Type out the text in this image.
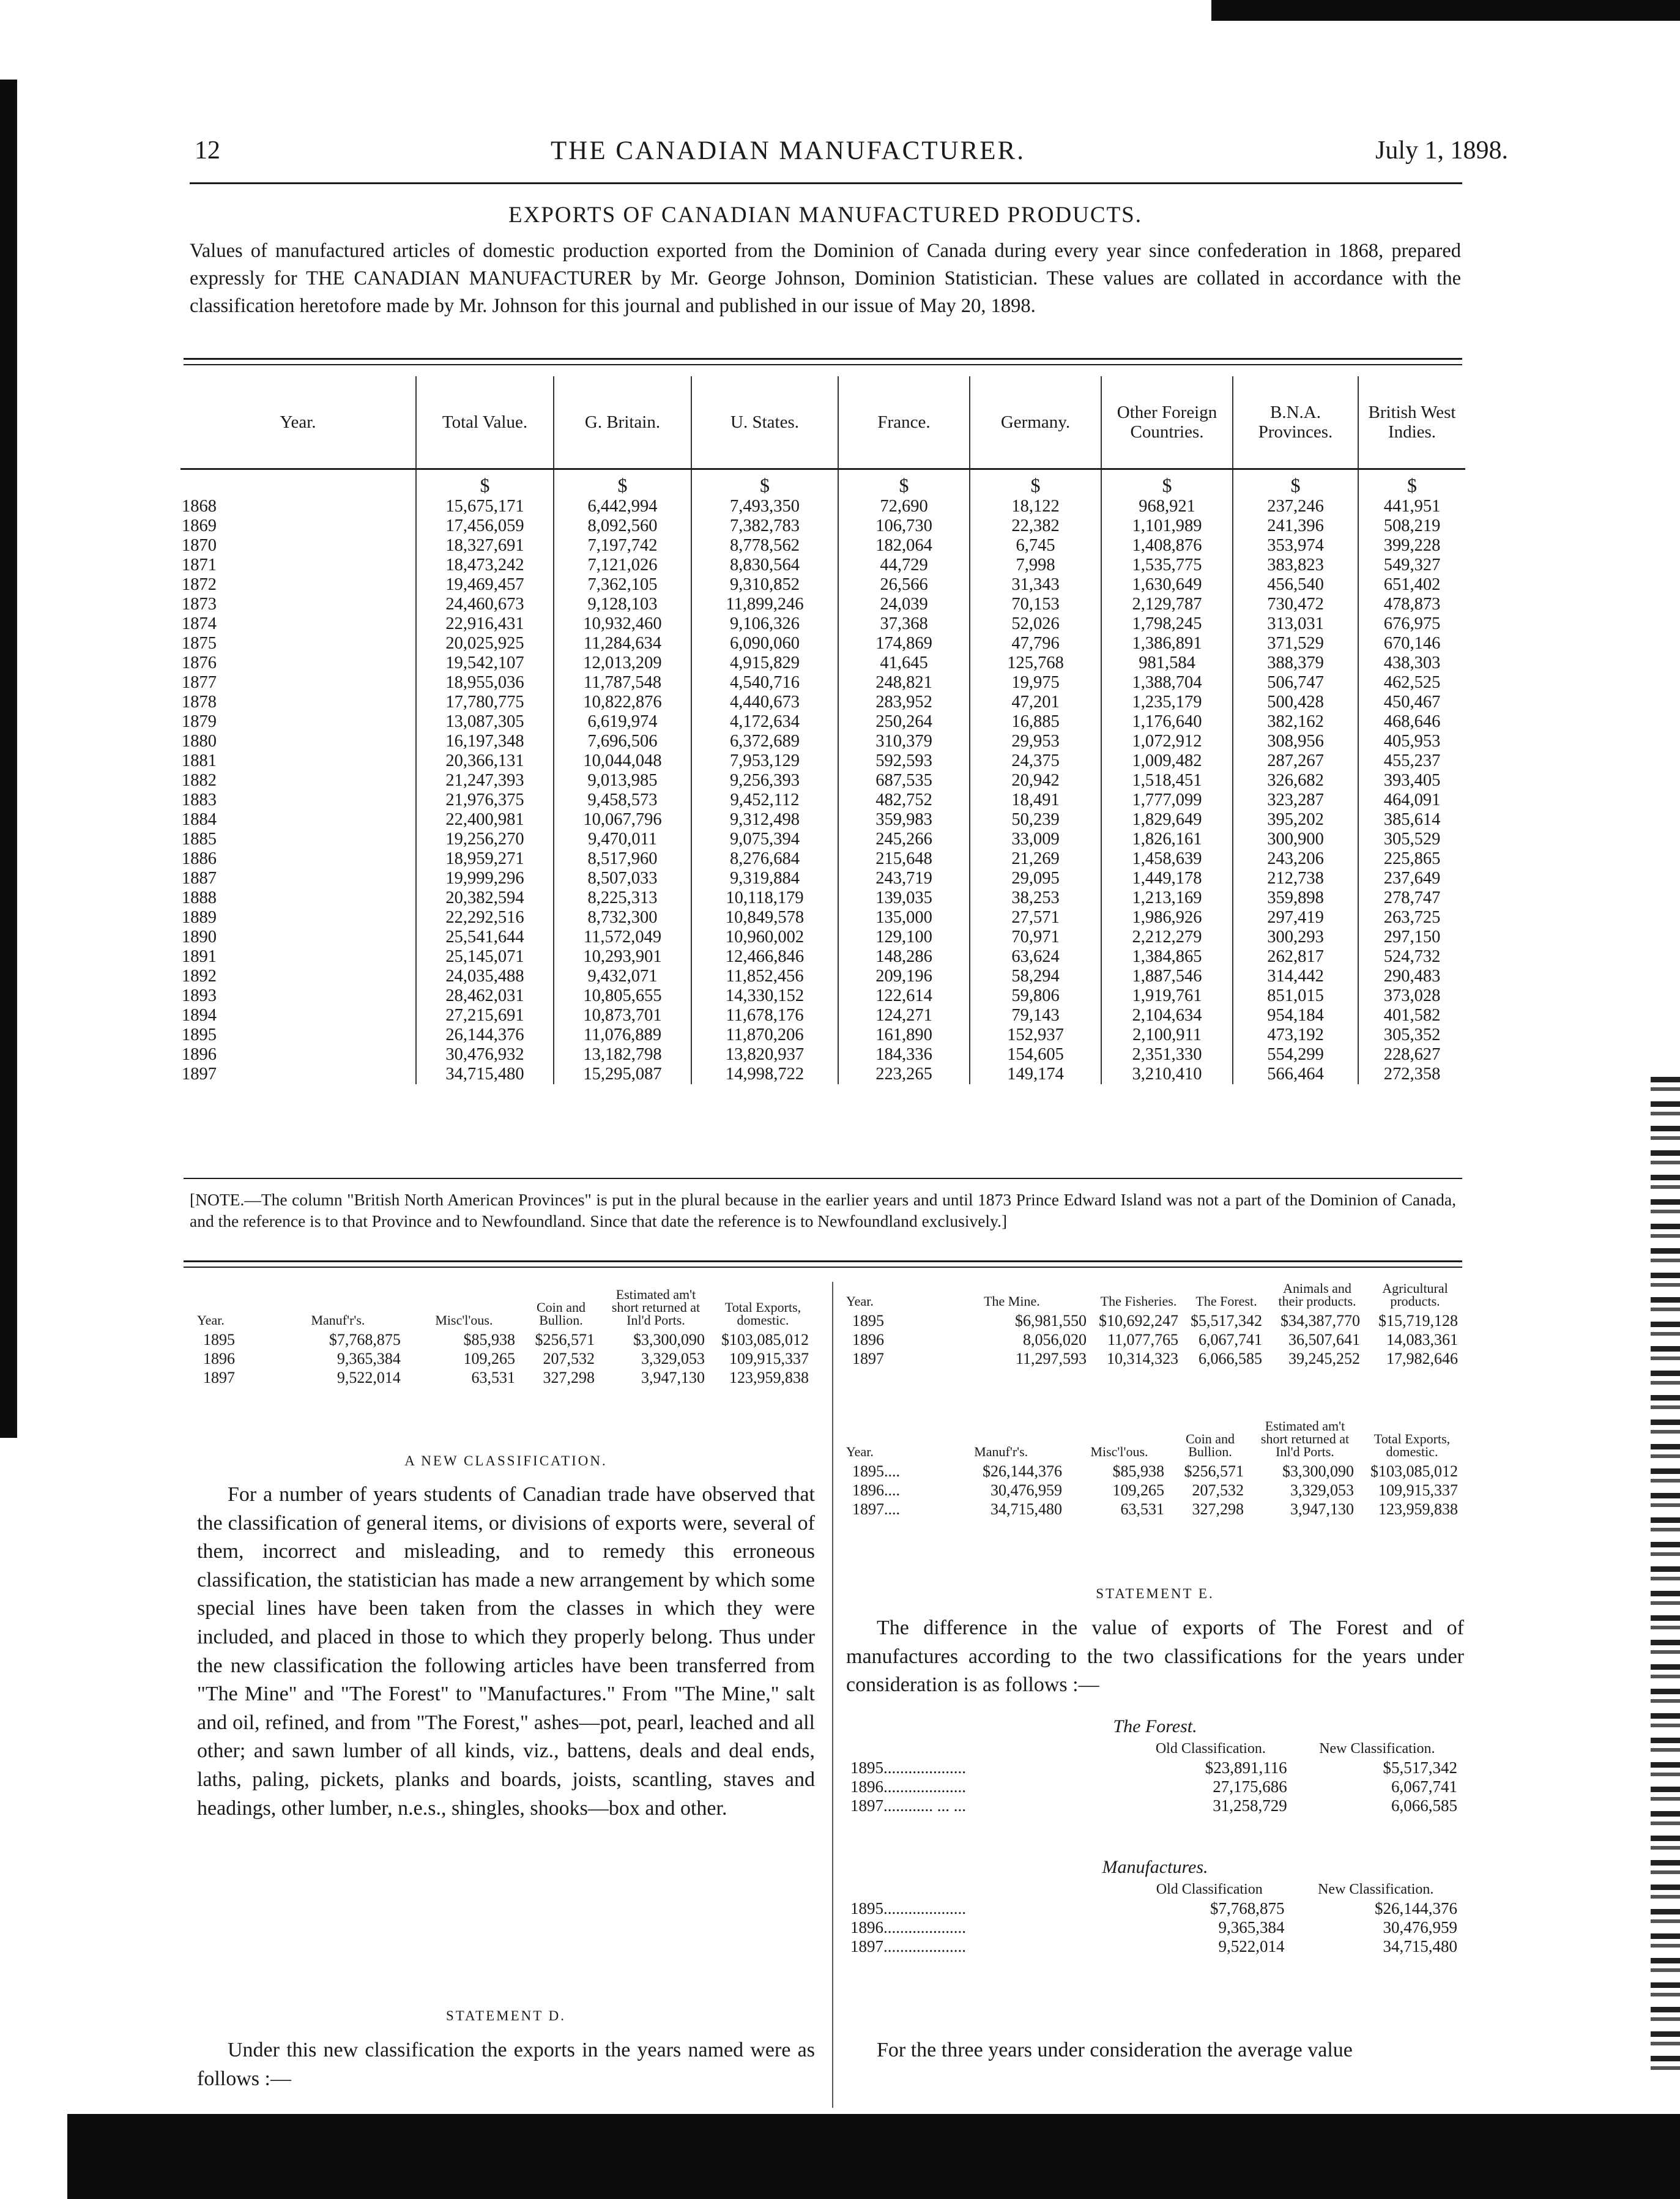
12	THE CANADIAN MANUFACTURER.	July 1, 1898.
EXPORTS OF CANADIAN MANUFACTURED PRODUCTS.
Values of manufactured articles of domestic production exported from the Dominion of Canada during every year since confederation in 1868, prepared expressly for THE CANADIAN MANUFACTURER by Mr. George Johnson, Dominion Statistician. These values are collated in accordance with the classification heretofore made by Mr. Johnson for this journal and published in our issue of May 20, 1898.
Year.	Total Value.	G. Britain.	U. States.	France.	Germany.	Other Foreign Countries.	B.N.A. Provinces.	British West Indies.
	$	$	$	$	$	$	$	$
1868	15,675,171	6,442,994	7,493,350	72,690	18,122	968,921	237,246	441,951
1869	17,456,059	8,092,560	7,382,783	106,730	22,382	1,101,989	241,396	508,219
1870	18,327,691	7,197,742	8,778,562	182,064	6,745	1,408,876	353,974	399,228
1871	18,473,242	7,121,026	8,830,564	44,729	7,998	1,535,775	383,823	549,327
1872	19,469,457	7,362,105	9,310,852	26,566	31,343	1,630,649	456,540	651,402
1873	24,460,673	9,128,103	11,899,246	24,039	70,153	2,129,787	730,472	478,873
1874	22,916,431	10,932,460	9,106,326	37,368	52,026	1,798,245	313,031	676,975
1875	20,025,925	11,284,634	6,090,060	174,869	47,796	1,386,891	371,529	670,146
1876	19,542,107	12,013,209	4,915,829	41,645	125,768	981,584	388,379	438,303
1877	18,955,036	11,787,548	4,540,716	248,821	19,975	1,388,704	506,747	462,525
1878	17,780,775	10,822,876	4,440,673	283,952	47,201	1,235,179	500,428	450,467
1879	13,087,305	6,619,974	4,172,634	250,264	16,885	1,176,640	382,162	468,646
1880	16,197,348	7,696,506	6,372,689	310,379	29,953	1,072,912	308,956	405,953
1881	20,366,131	10,044,048	7,953,129	592,593	24,375	1,009,482	287,267	455,237
1882	21,247,393	9,013,985	9,256,393	687,535	20,942	1,518,451	326,682	393,405
1883	21,976,375	9,458,573	9,452,112	482,752	18,491	1,777,099	323,287	464,091
1884	22,400,981	10,067,796	9,312,498	359,983	50,239	1,829,649	395,202	385,614
1885	19,256,270	9,470,011	9,075,394	245,266	33,009	1,826,161	300,900	305,529
1886	18,959,271	8,517,960	8,276,684	215,648	21,269	1,458,639	243,206	225,865
1887	19,999,296	8,507,033	9,319,884	243,719	29,095	1,449,178	212,738	237,649
1888	20,382,594	8,225,313	10,118,179	139,035	38,253	1,213,169	359,898	278,747
1889	22,292,516	8,732,300	10,849,578	135,000	27,571	1,986,926	297,419	263,725
1890	25,541,644	11,572,049	10,960,002	129,100	70,971	2,212,279	300,293	297,150
1891	25,145,071	10,293,901	12,466,846	148,286	63,624	1,384,865	262,817	524,732
1892	24,035,488	9,432,071	11,852,456	209,196	58,294	1,887,546	314,442	290,483
1893	28,462,031	10,805,655	14,330,152	122,614	59,806	1,919,761	851,015	373,028
1894	27,215,691	10,873,701	11,678,176	124,271	79,143	2,104,634	954,184	401,582
1895	26,144,376	11,076,889	11,870,206	161,890	152,937	2,100,911	473,192	305,352
1896	30,476,932	13,182,798	13,820,937	184,336	154,605	2,351,330	554,299	228,627
1897	34,715,480	15,295,087	14,998,722	223,265	149,174	3,210,410	566,464	272,358
[NOTE.—The column "British North American Provinces" is put in the plural because in the earlier years and until 1873 Prince Edward Island was not a part of the Dominion of Canada, and the reference is to that Province and to Newfoundland. Since that date the reference is to Newfoundland exclusively.]
Year.	Manuf'r's.	Misc'l'ous.	Coin and Bullion.	Estimated am't short returned at Inl'd Ports.	Total Exports, domestic.
1895	$7,768,875	$85,938	$256,571	$3,300,090	$103,085,012
1896	9,365,384	109,265	207,532	3,329,053	109,915,337
1897	9,522,014	63,531	327,298	3,947,130	123,959,838
A NEW CLASSIFICATION.
For a number of years students of Canadian trade have observed that the classification of general items, or divisions of exports were, several of them, incorrect and misleading, and to remedy this erroneous classification, the statistician has made a new arrangement by which some special lines have been taken from the classes in which they were included, and placed in those to which they properly belong. Thus under the new classification the following articles have been transferred from "The Mine" and "The Forest" to "Manufactures." From "The Mine," salt and oil, refined, and from "The Forest," ashes—pot, pearl, leached and all other; and sawn lumber of all kinds, viz., battens, deals and deal ends, laths, paling, pickets, planks and boards, joists, scantling, staves and headings, other lumber, n.e.s., shingles, shooks—box and other.
STATEMENT D.
Under this new classification the exports in the years named were as follows :—
Year.	The Mine.	The Fisheries.	The Forest.	Animals and their products.	Agricultural products.
1895	$6,981,550	$10,692,247	$5,517,342	$34,387,770	$15,719,128
1896	8,056,020	11,077,765	6,067,741	36,507,641	14,083,361
1897	11,297,593	10,314,323	6,066,585	39,245,252	17,982,646
Year.	Manuf'r's.	Misc'l'ous.	Coin and Bullion.	Estimated am't short returned at Inl'd Ports.	Total Exports, domestic.
1895....	$26,144,376	$85,938	$256,571	$3,300,090	$103,085,012
1896....	30,476,959	109,265	207,532	3,329,053	109,915,337
1897....	34,715,480	63,531	327,298	3,947,130	123,959,838
STATEMENT E.
The difference in the value of exports of The Forest and of manufactures according to the two classifications for the years under consideration is as follows :—
The Forest.
	Old Classification.	New Classification.
1895....................	$23,891,116	$5,517,342
1896....................	27,175,686	6,067,741
1897............ ... ...	31,258,729	6,066,585
Manufactures.
	Old Classification	New Classification.
1895....................	$7,768,875	$26,144,376
1896....................	9,365,384	30,476,959
1897....................	9,522,014	34,715,480
For the three years under consideration the average value
